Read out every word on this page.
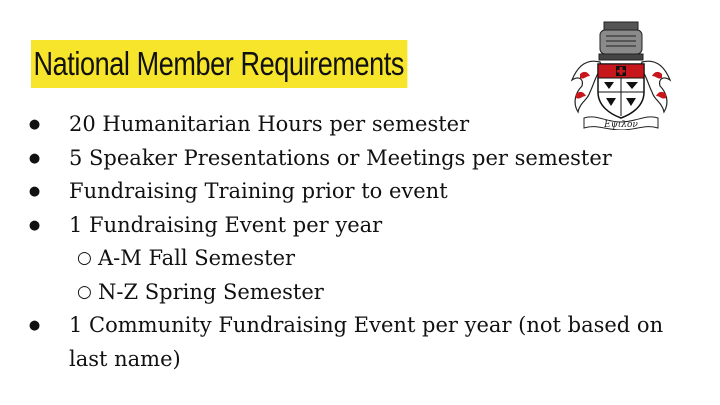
National Member Requirements
Εψιλον
● 20 Humanitarian Hours per semester
● 5 Speaker Presentations or Meetings per semester
● Fundraising Training prior to event
● 1 Fundraising Event per year
○ A-M Fall Semester
○ N-Z Spring Semester
● 1 Community Fundraising Event per year (not based on last name)
